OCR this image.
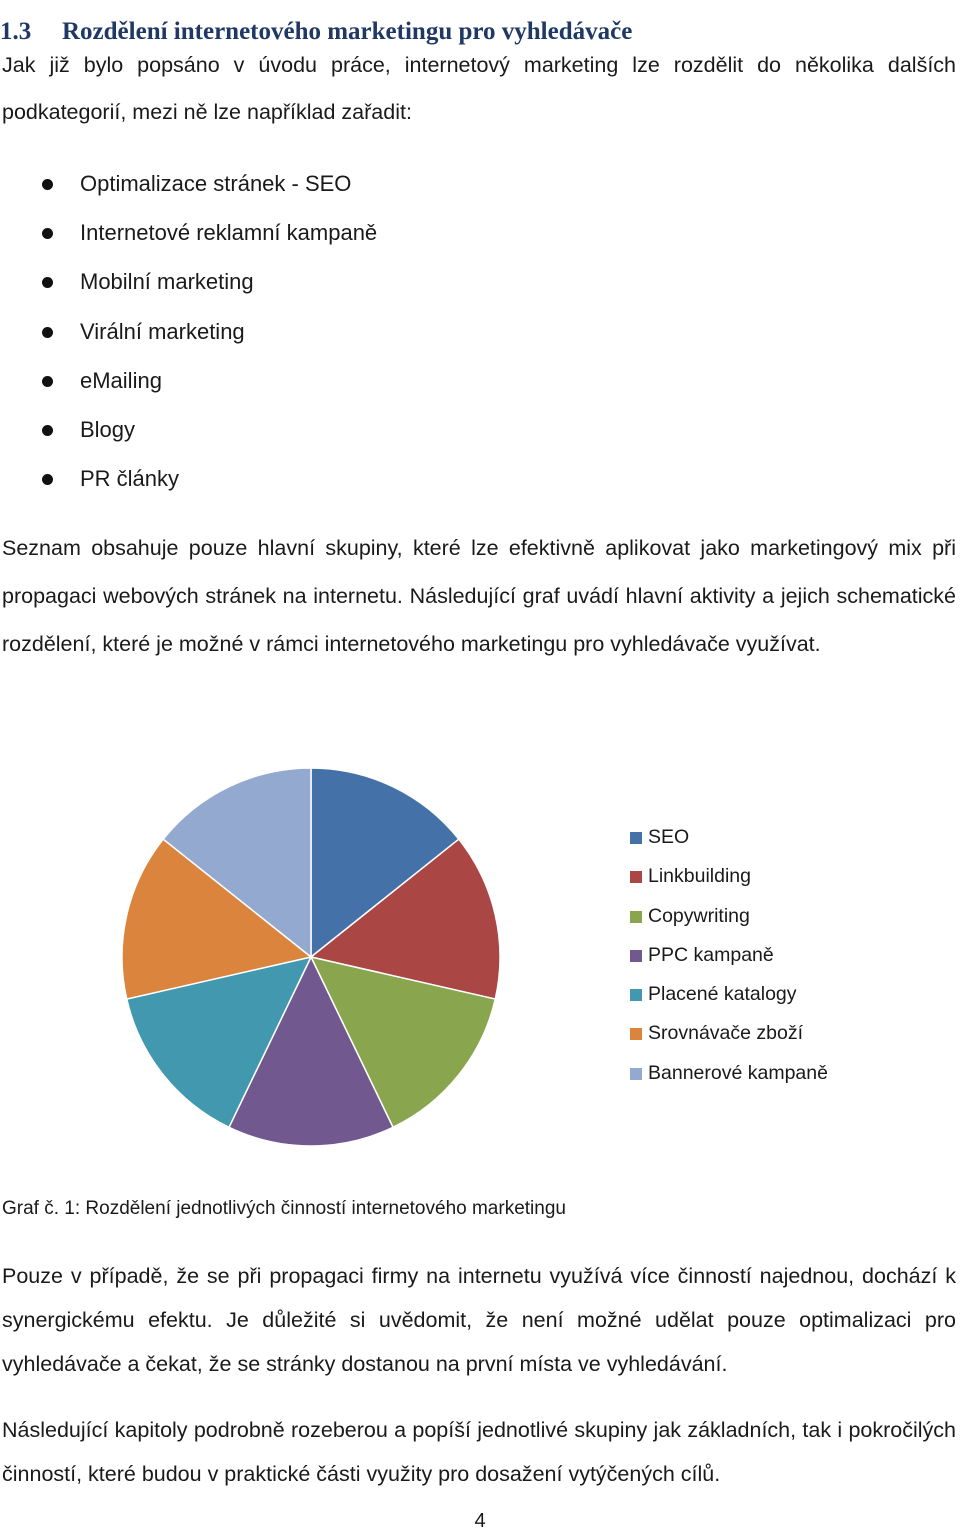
1.3 Rozdělení internetového marketingu pro vyhledávače

Jak již bylo popsáno v úvodu práce, internetový marketing lze rozdělit do několika dalších podkategorií, mezi ně lze například zařadit:

Optimalizace stránek - SEO
Internetové reklamní kampaně
Mobilní marketing
Virální marketing
eMailing
Blogy
PR články

Seznam obsahuje pouze hlavní skupiny, které lze efektivně aplikovat jako marketingový mix při propagaci webových stránek na internetu. Následující graf uvádí hlavní aktivity a jejich schematické rozdělení, které je možné v rámci internetového marketingu pro vyhledávače využívat.

SEO
Linkbuilding
Copywriting
PPC kampaně
Placené katalogy
Srovnávače zboží
Bannerové kampaně
Graf č. 1: Rozdělení jednotlivých činností internetového marketingu

Pouze v případě, že se při propagaci firmy na internetu využívá více činností najednou, dochází k synergickému efektu. Je důležité si uvědomit, že není možné udělat pouze optimalizaci pro vyhledávače a čekat, že se stránky dostanou na první místa ve vyhledávání.

Následující kapitoly podrobně rozeberou a popíší jednotlivé skupiny jak základních, tak i pokročilých činností, které budou v praktické části využity pro dosažení vytýčených cílů.

4
